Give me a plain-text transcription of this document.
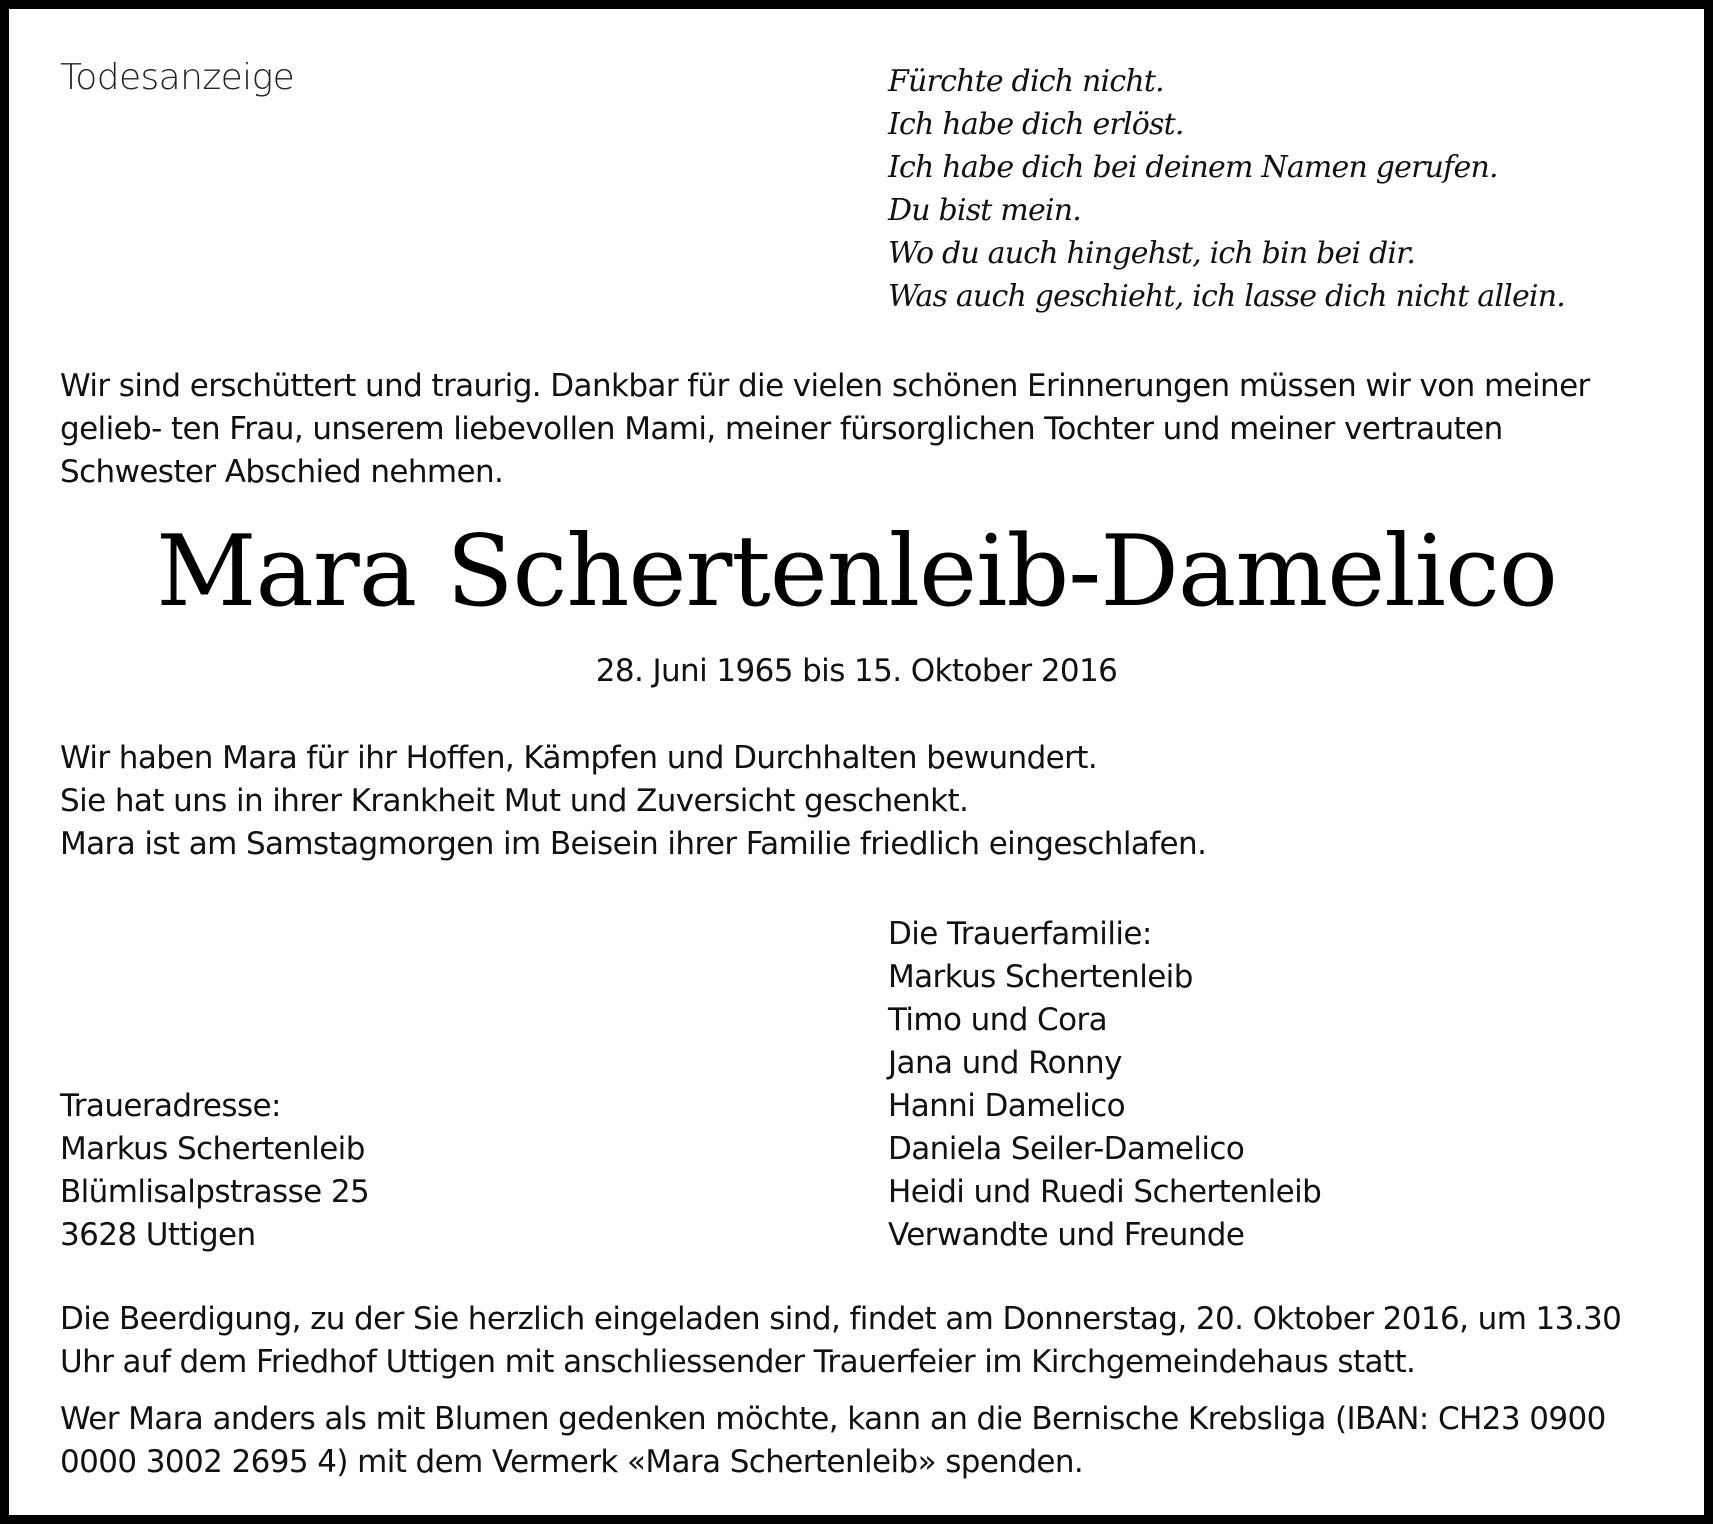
Todesanzeige	Fürchte dich nicht.
Ich habe dich erlöst.
Ich habe dich bei deinem Namen gerufen.
Du bist mein.
Wo du auch hingehst, ich bin bei dir.
Was auch geschieht, ich lasse dich nicht allein.
Wir sind erschüttert und traurig. Dankbar für die vielen schönen Erinnerungen müssen wir von meiner gelieb- ten Frau, unserem liebevollen Mami, meiner fürsorglichen Tochter und meiner vertrauten Schwester Abschied nehmen.
Mara Schertenleib-Damelico
28. Juni 1965 bis 15. Oktober 2016
Wir haben Mara für ihr Hoffen, Kämpfen und Durchhalten bewundert.
Sie hat uns in ihrer Krankheit Mut und Zuversicht geschenkt.
Mara ist am Samstagmorgen im Beisein ihrer Familie friedlich eingeschlafen.
Die Trauerfamilie:
Markus Schertenleib
Timo und Cora
Jana und Ronny
Hanni Damelico
Daniela Seiler-Damelico
Heidi und Ruedi Schertenleib
Verwandte und Freunde
Traueradresse:
Markus Schertenleib
Blümlisalpstrasse 25
3628 Uttigen
Die Beerdigung, zu der Sie herzlich eingeladen sind, findet am Donnerstag, 20. Oktober 2016, um 13.30 Uhr auf dem Friedhof Uttigen mit anschliessender Trauerfeier im Kirchgemeindehaus statt.
Wer Mara anders als mit Blumen gedenken möchte, kann an die Bernische Krebsliga (IBAN: CH23 0900 0000 3002 2695 4) mit dem Vermerk «Mara Schertenleib» spenden.
